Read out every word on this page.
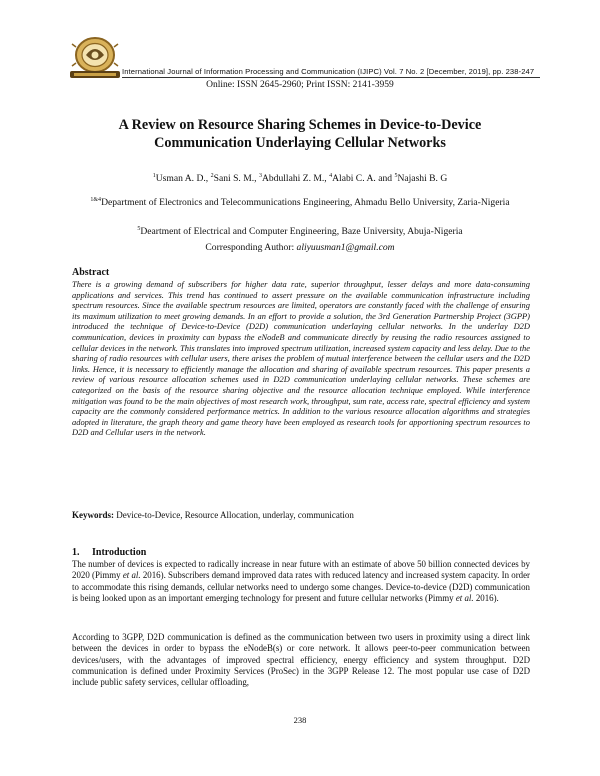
International Journal of Information Processing and Communication (IJIPC) Vol. 7 No. 2 [December, 2019], pp. 238-247
Online: ISSN 2645-2960; Print ISSN: 2141-3959
A Review on Resource Sharing Schemes in Device-to-Device
Communication Underlaying Cellular Networks
$^1$Usman A. D., $^2$Sani S. M., $^3$Abdullahi Z. M., $^4$Alabi C. A. and $^5$Najashi B. G
$^{1\&4}$Department of Electronics and Telecommunications Engineering, Ahmadu Bello University, Zaria-Nigeria
$^5$Deartment of Electrical and Computer Engineering, Baze University, Abuja-Nigeria
Corresponding Author: aliyuusman1@gmail.com
Abstract
There is a growing demand of subscribers for higher data rate, superior throughput, lesser delays and more data-consuming applications and services. This trend has continued to assert pressure on the available communication infrastructure including spectrum resources. Since the available spectrum resources are limited, operators are constantly faced with the challenge of ensuring its maximum utilization to meet growing demands. In an effort to provide a solution, the 3rd Generation Partnership Project (3GPP) introduced the technique of Device-to-Device (D2D) communication underlaying cellular networks. In the underlay D2D communication, devices in proximity can bypass the eNodeB and communicate directly by reusing the radio resources assigned to cellular devices in the network. This translates into improved spectrum utilization, increased system capacity and less delay. Due to the sharing of radio resources with cellular users, there arises the problem of mutual interference between the cellular users and the D2D links. Hence, it is necessary to efficiently manage the allocation and sharing of available spectrum resources. This paper presents a review of various resource allocation schemes used in D2D communication underlaying cellular networks. These schemes are categorized on the basis of the resource sharing objective and the resource allocation technique employed. While interference mitigation was found to be the main objectives of most research work, throughput, sum rate, access rate, spectral efficiency and system capacity are the commonly considered performance metrics. In addition to the various resource allocation algorithms and strategies adopted in literature, the graph theory and game theory have been employed as research tools for apportioning spectrum resources to D2D and Cellular users in the network.
Keywords: Device-to-Device, Resource Allocation, underlay, communication
1. Introduction
The number of devices is expected to radically increase in near future with an estimate of above 50 billion connected devices by 2020 (Pimmy et al. 2016). Subscribers demand improved data rates with reduced latency and increased system capacity. In order to accommodate this rising demands, cellular networks need to undergo some changes. Device-to-device (D2D) communication is being looked upon as an important emerging technology for present and future cellular networks (Pimmy et al. 2016).
According to 3GPP, D2D communication is defined as the communication between two users in proximity using a direct link between the devices in order to bypass the eNodeB(s) or core network. It allows peer-to-peer communication between devices/users, with the advantages of improved spectral efficiency, energy efficiency and system throughput. D2D communication is defined under Proximity Services (ProSec) in the 3GPP Release 12. The most popular use case of D2D include public safety services, cellular offloading,
238
